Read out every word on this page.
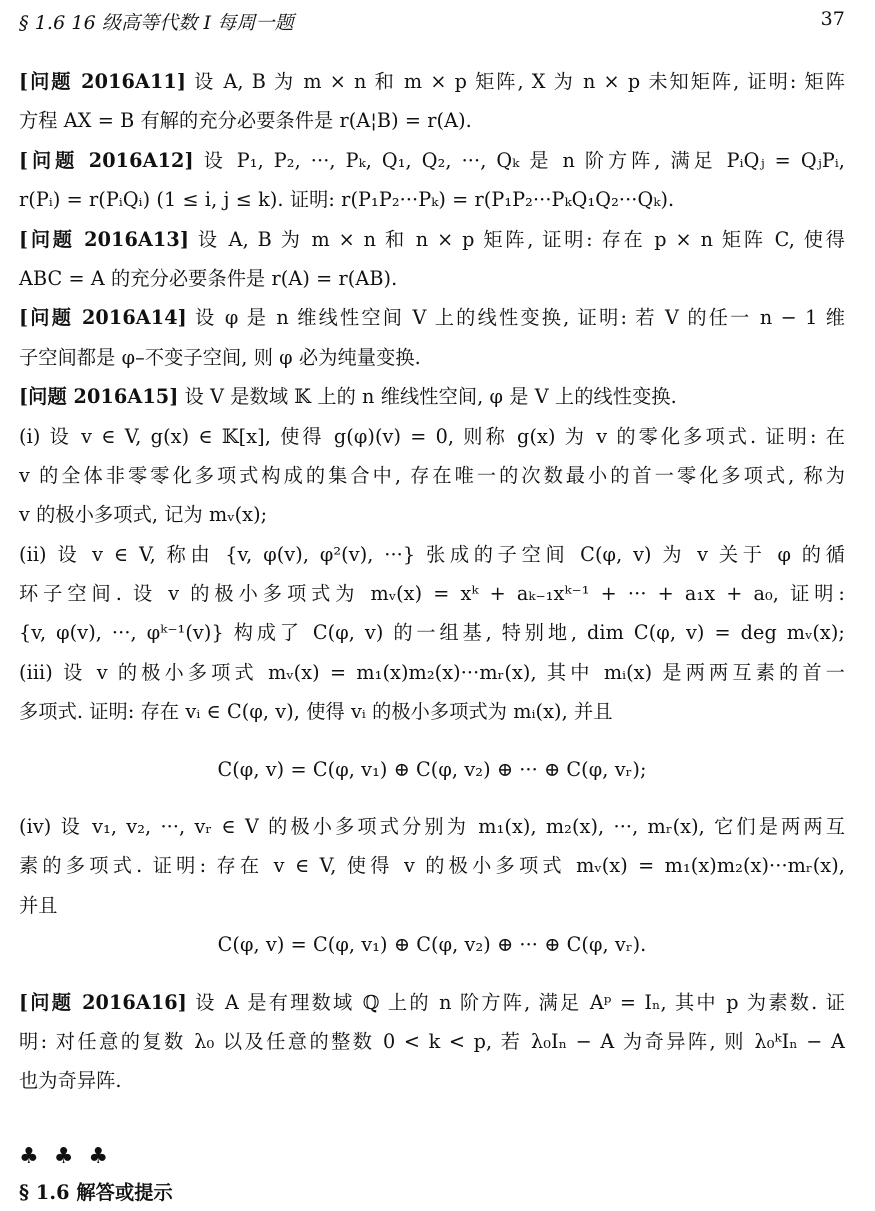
§ 1.6 16 级高等代数 I 每周一题	37
[问题 2016A11] 设 A, B 为 m × n 和 m × p 矩阵, X 为 n × p 未知矩阵, 证明: 矩阵
方程 AX = B 有解的充分必要条件是 r(A¦B) = r(A).
[问题 2016A12] 设 P₁, P₂, ···, Pₖ, Q₁, Q₂, ···, Qₖ 是 n 阶方阵, 满足 PᵢQⱼ = QⱼPᵢ,
r(Pᵢ) = r(PᵢQᵢ) (1 ≤ i, j ≤ k). 证明: r(P₁P₂···Pₖ) = r(P₁P₂···PₖQ₁Q₂···Qₖ).
[问题 2016A13] 设 A, B 为 m × n 和 n × p 矩阵, 证明: 存在 p × n 矩阵 C, 使得
ABC = A 的充分必要条件是 r(A) = r(AB).
[问题 2016A14] 设 φ 是 n 维线性空间 V 上的线性变换, 证明: 若 V 的任一 n − 1 维
子空间都是 φ–不变子空间, 则 φ 必为纯量变换.
[问题 2016A15] 设 V 是数域 𝕂 上的 n 维线性空间, φ 是 V 上的线性变换.
(i) 设 v ∈ V, g(x) ∈ 𝕂[x], 使得 g(φ)(v) = 0, 则称 g(x) 为 v 的零化多项式. 证明: 在
v 的全体非零零化多项式构成的集合中, 存在唯一的次数最小的首一零化多项式, 称为
v 的极小多项式, 记为 mᵥ(x);
(ii) 设 v ∈ V, 称由 {v, φ(v), φ²(v), ···} 张成的子空间 C(φ, v) 为 v 关于 φ 的循
环子空间. 设 v 的极小多项式为 mᵥ(x) = xᵏ + aₖ₋₁xᵏ⁻¹ + ··· + a₁x + a₀, 证明:
{v, φ(v), ···, φᵏ⁻¹(v)} 构成了 C(φ, v) 的一组基, 特别地, dim C(φ, v) = deg mᵥ(x);
(iii) 设 v 的极小多项式 mᵥ(x) = m₁(x)m₂(x)···mᵣ(x), 其中 mᵢ(x) 是两两互素的首一
多项式. 证明: 存在 vᵢ ∈ C(φ, v), 使得 vᵢ 的极小多项式为 mᵢ(x), 并且
C(φ, v) = C(φ, v₁) ⊕ C(φ, v₂) ⊕ ··· ⊕ C(φ, vᵣ);
(iv) 设 v₁, v₂, ···, vᵣ ∈ V 的极小多项式分别为 m₁(x), m₂(x), ···, mᵣ(x), 它们是两两互
素的多项式. 证明: 存在 v ∈ V, 使得 v 的极小多项式 mᵥ(x) = m₁(x)m₂(x)···mᵣ(x),
并且
C(φ, v) = C(φ, v₁) ⊕ C(φ, v₂) ⊕ ··· ⊕ C(φ, vᵣ).
[问题 2016A16] 设 A 是有理数域 ℚ 上的 n 阶方阵, 满足 Aᵖ = Iₙ, 其中 p 为素数. 证
明: 对任意的复数 λ₀ 以及任意的整数 0 < k < p, 若 λ₀Iₙ − A 为奇异阵, 则 λ₀ᵏIₙ − A
也为奇异阵.
♣ ♣ ♣
§ 1.6 解答或提示
